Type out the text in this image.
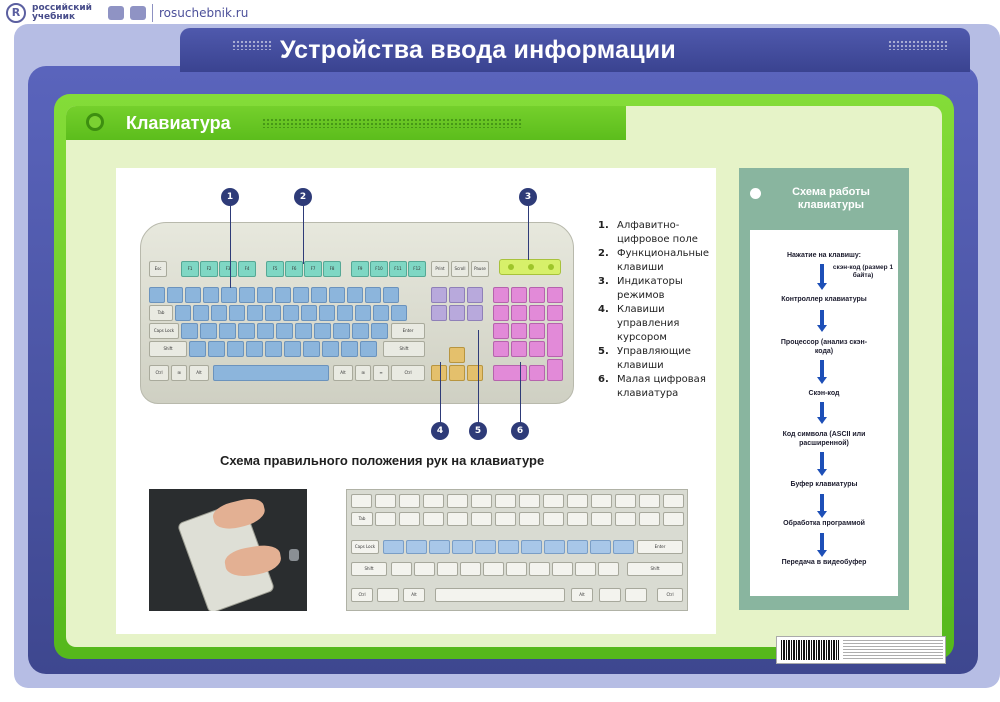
R	российский учебник	rosuchebnik.ru
Устройства ввода информации
Клавиатура
Esc	F1	F2	F3	F4	F5	F6	F7	F8	F9	F10	F11	F12	Print	Scroll	Pause
Tab
Caps Lock	Enter
Shift	Shift
Ctrl	⊞	Alt	Alt	⊞	≡	Ctrl
1	2	3
4	5	6
1. Алфавитно-цифровое поле
2. Функциональные клавиши
3. Индикаторы режимов
4. Клавиши управления курсором
5. Управляющие клавиши
6. Малая цифровая клавиатура
Схема правильного положения рук на клавиатуре
Tab
Caps Lock	Enter
Shift	Shift
Ctrl	Alt	Alt	Ctrl
Схема работы клавиатуры
Нажатие на клавишу:
скэн-код (размер 1 байта)
Контроллер клавиатуры
Процессор (анализ скэн-кода)
Скэн-код
Код символа (ASCII или расширенной)
Буфер клавиатуры
Обработка программой
Передача в видеобуфер
